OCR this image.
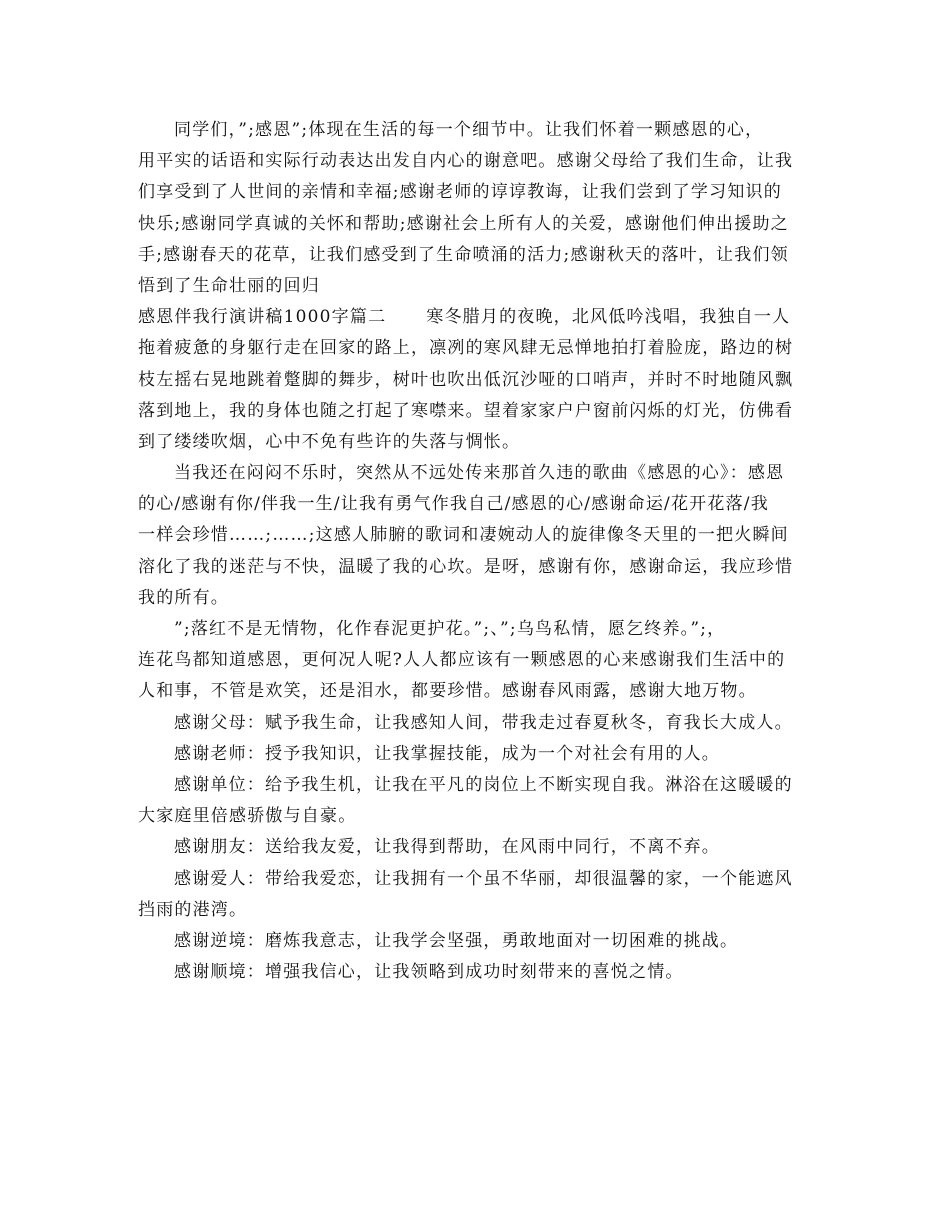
同学们，”;感恩”;体现在生活的每一个细节中。让我们怀着一颗感恩的心，
用平实的话语和实际行动表达出发自内心的谢意吧。感谢父母给了我们生命，让我
们享受到了人世间的亲情和幸福;感谢老师的谆谆教诲，让我们尝到了学习知识的
快乐;感谢同学真诚的关怀和帮助;感谢社会上所有人的关爱，感谢他们伸出援助之
手;感谢春天的花草，让我们感受到了生命喷涌的活力;感谢秋天的落叶，让我们领
悟到了生命壮丽的回归
感恩伴我行演讲稿1000字篇二 寒冬腊月的夜晚，北风低吟浅唱，我独自一人
拖着疲惫的身躯行走在回家的路上，凛冽的寒风肆无忌惮地拍打着脸庞，路边的树
枝左摇右晃地跳着蹩脚的舞步，树叶也吹出低沉沙哑的口哨声，并时不时地随风飘
落到地上，我的身体也随之打起了寒噤来。望着家家户户窗前闪烁的灯光，仿佛看
到了缕缕吹烟，心中不免有些许的失落与惆怅。
当我还在闷闷不乐时，突然从不远处传来那首久违的歌曲《感恩的心》：感恩
的心/感谢有你/伴我一生/让我有勇气作我自己/感恩的心/感谢命运/花开花落/我
一样会珍惜……;……;这感人肺腑的歌词和凄婉动人的旋律像冬天里的一把火瞬间
溶化了我的迷茫与不快，温暖了我的心坎。是呀，感谢有你，感谢命运，我应珍惜
我的所有。
”;落红不是无情物，化作春泥更护花。”;、”;乌鸟私情，愿乞终养。”;，
连花鸟都知道感恩，更何况人呢?人人都应该有一颗感恩的心来感谢我们生活中的
人和事，不管是欢笑，还是泪水，都要珍惜。感谢春风雨露，感谢大地万物。
感谢父母：赋予我生命，让我感知人间，带我走过春夏秋冬，育我长大成人。
感谢老师：授予我知识，让我掌握技能，成为一个对社会有用的人。
感谢单位：给予我生机，让我在平凡的岗位上不断实现自我。淋浴在这暖暖的
大家庭里倍感骄傲与自豪。
感谢朋友：送给我友爱，让我得到帮助，在风雨中同行，不离不弃。
感谢爱人：带给我爱恋，让我拥有一个虽不华丽，却很温馨的家，一个能遮风
挡雨的港湾。
感谢逆境：磨炼我意志，让我学会坚强，勇敢地面对一切困难的挑战。
感谢顺境：增强我信心，让我领略到成功时刻带来的喜悦之情。
